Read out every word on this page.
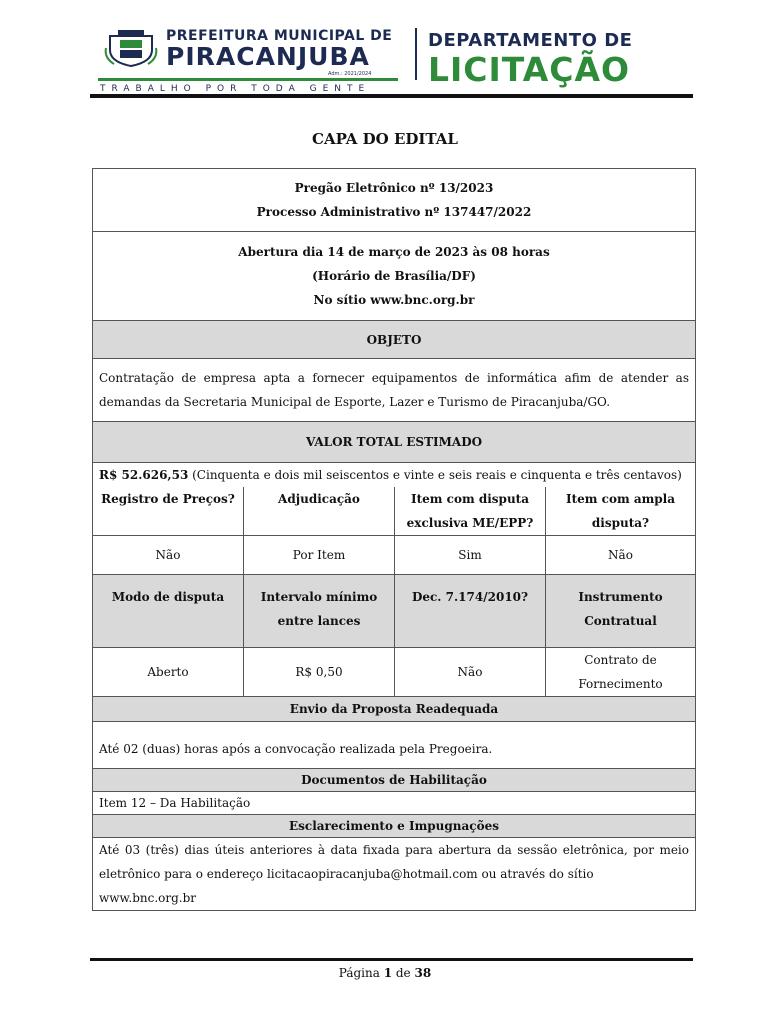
PREFEITURA MUNICIPAL DE
PIRACANJUBA
Adm.: 2021/2024
TRABALHO POR TODA GENTE
DEPARTAMENTO DE
LICITAÇÃO
CAPA DO EDITAL
Pregão Eletrônico nº 13/2023
Processo Administrativo nº 137447/2022			

Abertura dia 14 de março de 2023 às 08 horas
(Horário de Brasília/DF)
No sítio www.bnc.org.br			

OBJETO			

Contratação de empresa apta a fornecer equipamentos de informática afim de atender as
demandas da Secretaria Municipal de Esporte, Lazer e Turismo de Piracanjuba/GO.			

VALOR TOTAL ESTIMADO			
R$ 52.626,53 (Cinquenta e dois mil seiscentos e vinte e seis reais e cinquenta e três centavos)			
Registro de Preços?	Adjudicação	Item com disputa exclusiva ME/EPP?	Item com ampla disputa?
Não	Por Item	Sim	Não
Modo de disputa	Intervalo mínimo entre lances	Dec. 7.174/2010?	Instrumento Contratual
Aberto	R$ 0,50	Não	Contrato de Fornecimento
Envio da Proposta Readequada			
Até 02 (duas) horas após a convocação realizada pela Pregoeira.			
Documentos de Habilitação			
Item 12 – Da Habilitação			
Esclarecimento e Impugnações			

Até 03 (três) dias úteis anteriores à data fixada para abertura da sessão eletrônica, por meio
eletrônico para o endereço licitacaopiracanjuba@hotmail.com ou através do sítio www.bnc.org.br			
Página 1 de 38
